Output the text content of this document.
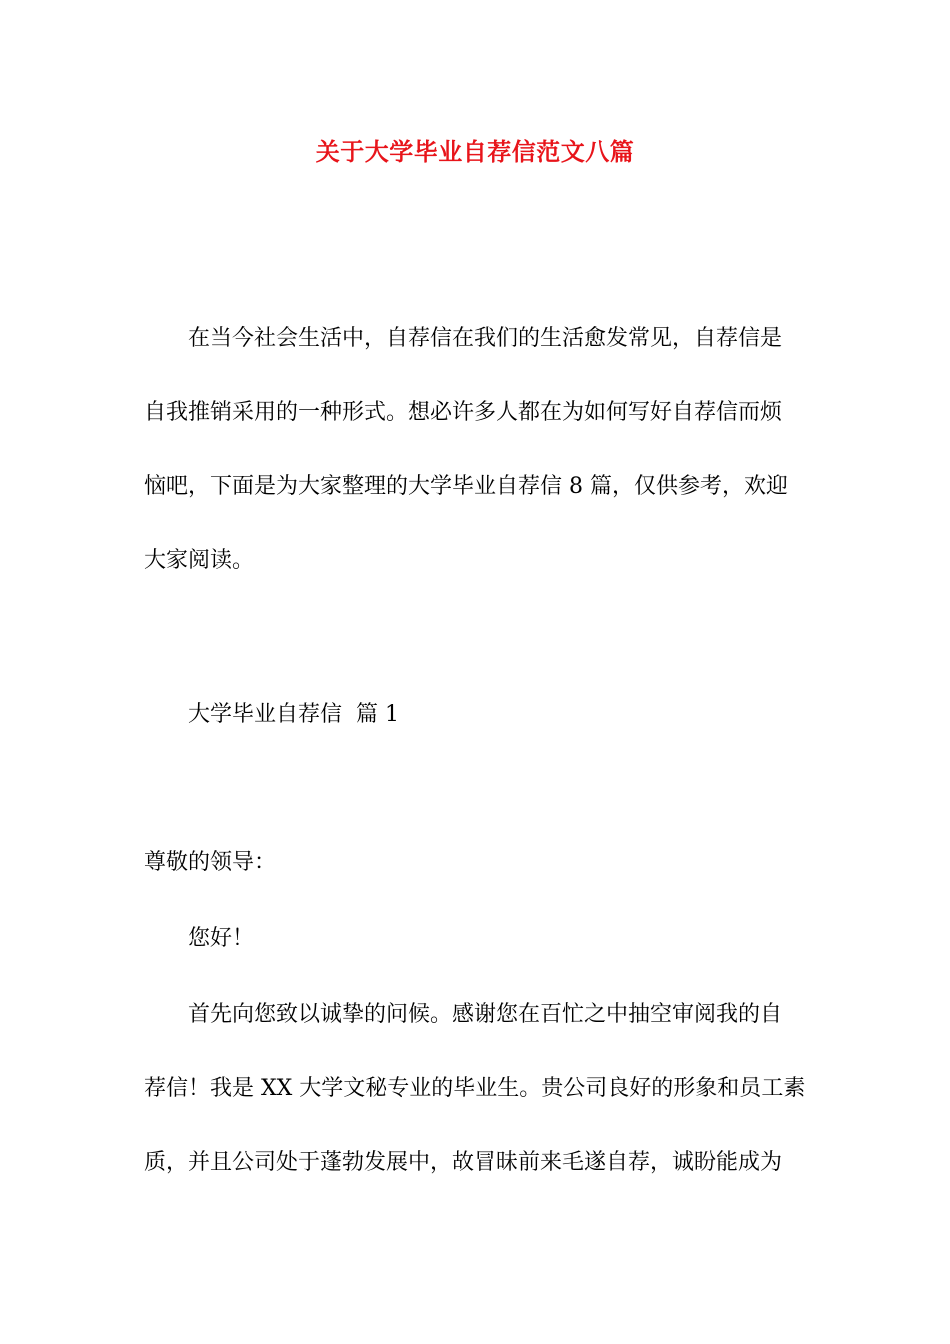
关于大学毕业自荐信范文八篇
在当今社会生活中，自荐信在我们的生活愈发常见，自荐信是
自我推销采用的一种形式。想必许多人都在为如何写好自荐信而烦
恼吧，下面是为大家整理的大学毕业自荐信 8 篇，仅供参考，欢迎
大家阅读。
大学毕业自荐信  篇 1
尊敬的领导：
您好！
首先向您致以诚挚的问候。感谢您在百忙之中抽空审阅我的自
荐信！我是 XX 大学文秘专业的毕业生。贵公司良好的形象和员工素
质，并且公司处于蓬勃发展中，故冒昧前来毛遂自荐，诚盼能成为
